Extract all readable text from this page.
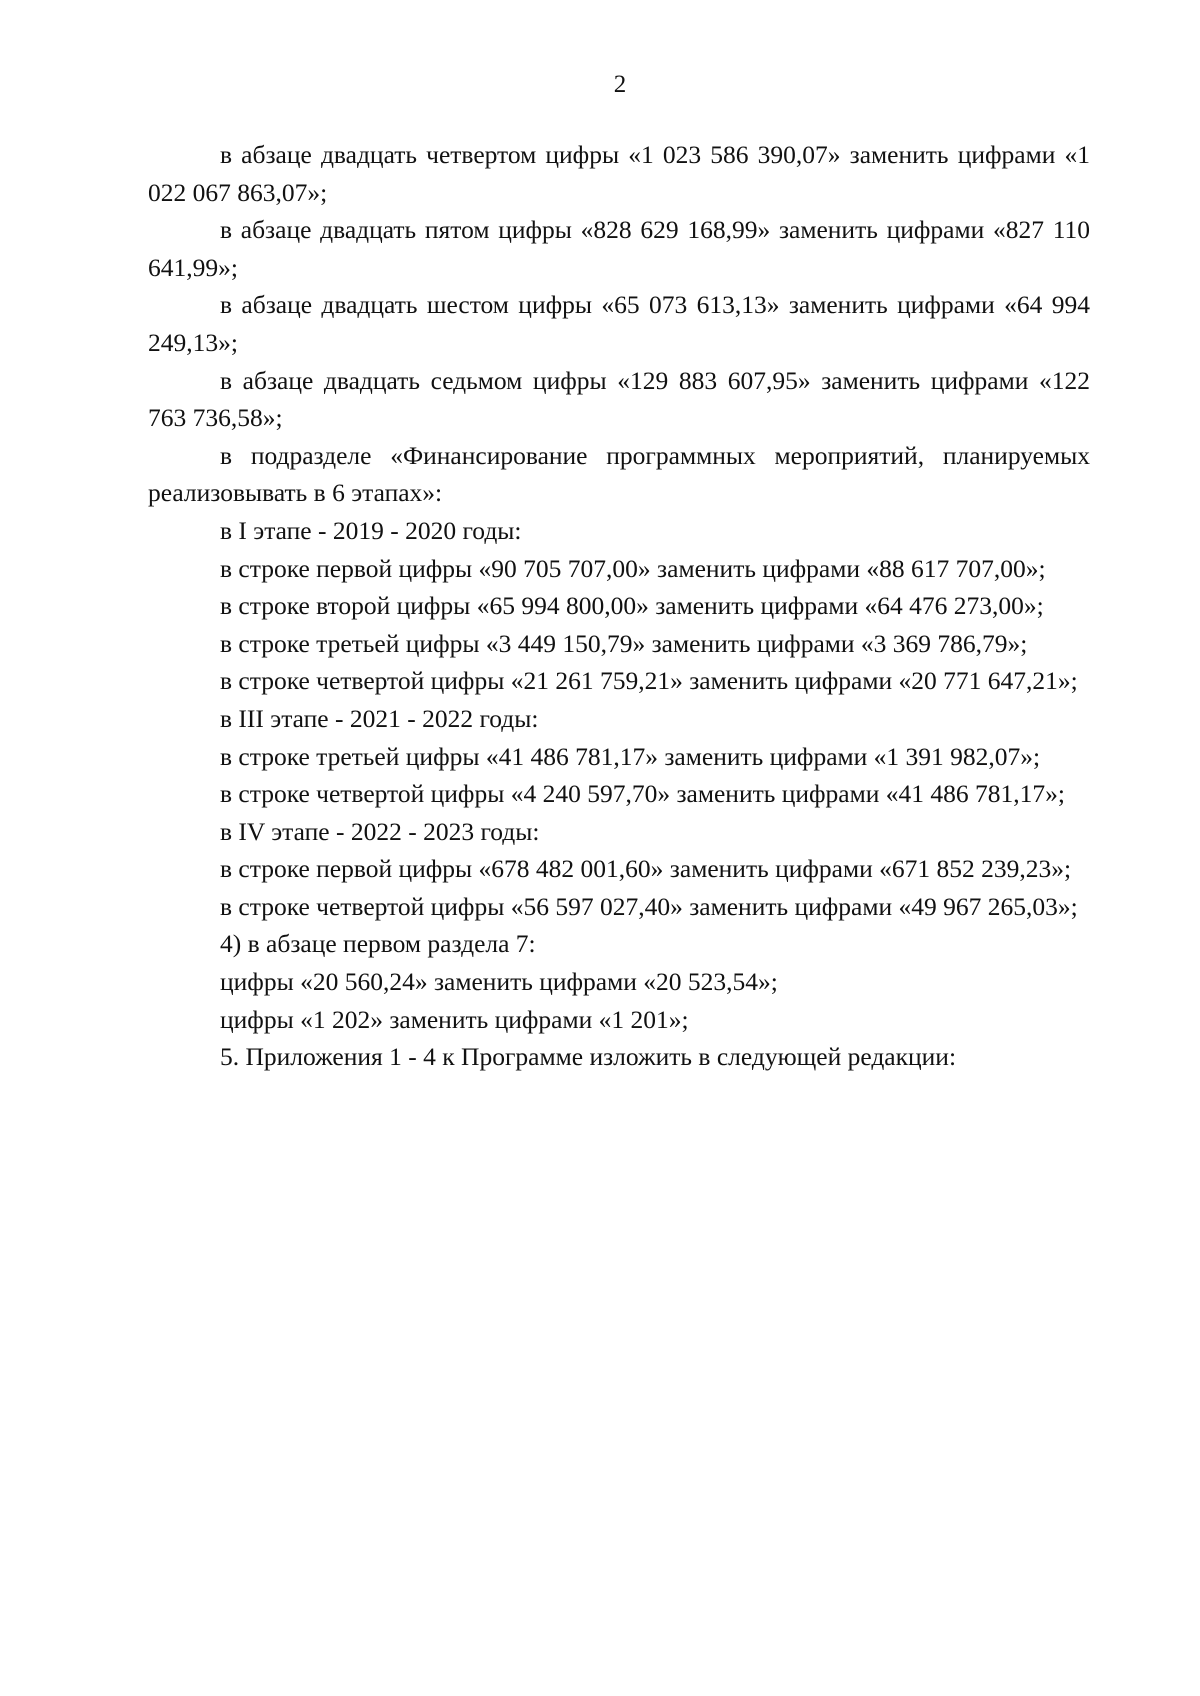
2

в абзаце двадцать четвертом цифры «1 023 586 390,07» заменить цифрами «1 022 067 863,07»;

в абзаце двадцать пятом цифры «828 629 168,99» заменить цифрами «827 110 641,99»;

в абзаце двадцать шестом цифры «65 073 613,13» заменить цифрами «64 994 249,13»;

в абзаце двадцать седьмом цифры «129 883 607,95» заменить цифрами «122 763 736,58»;

в подразделе «Финансирование программных мероприятий, планируемых реализовывать в 6 этапах»:

в I этапе - 2019 - 2020 годы:

в строке первой цифры «90 705 707,00» заменить цифрами «88 617 707,00»;

в строке второй цифры «65 994 800,00» заменить цифрами «64 476 273,00»;

в строке третьей цифры «3 449 150,79» заменить цифрами «3 369 786,79»;

в строке четвертой цифры «21 261 759,21» заменить цифрами «20 771 647,21»;

в III этапе - 2021 - 2022 годы:

в строке третьей цифры «41 486 781,17» заменить цифрами «1 391 982,07»;

в строке четвертой цифры «4 240 597,70» заменить цифрами «41 486 781,17»;

в IV этапе - 2022 - 2023 годы:

в строке первой цифры «678 482 001,60» заменить цифрами «671 852 239,23»;

в строке четвертой цифры «56 597 027,40» заменить цифрами «49 967 265,03»;

4) в абзаце первом раздела 7:

цифры «20 560,24» заменить цифрами «20 523,54»;

цифры «1 202» заменить цифрами «1 201»;

5. Приложения 1 - 4 к Программе изложить в следующей редакции:
